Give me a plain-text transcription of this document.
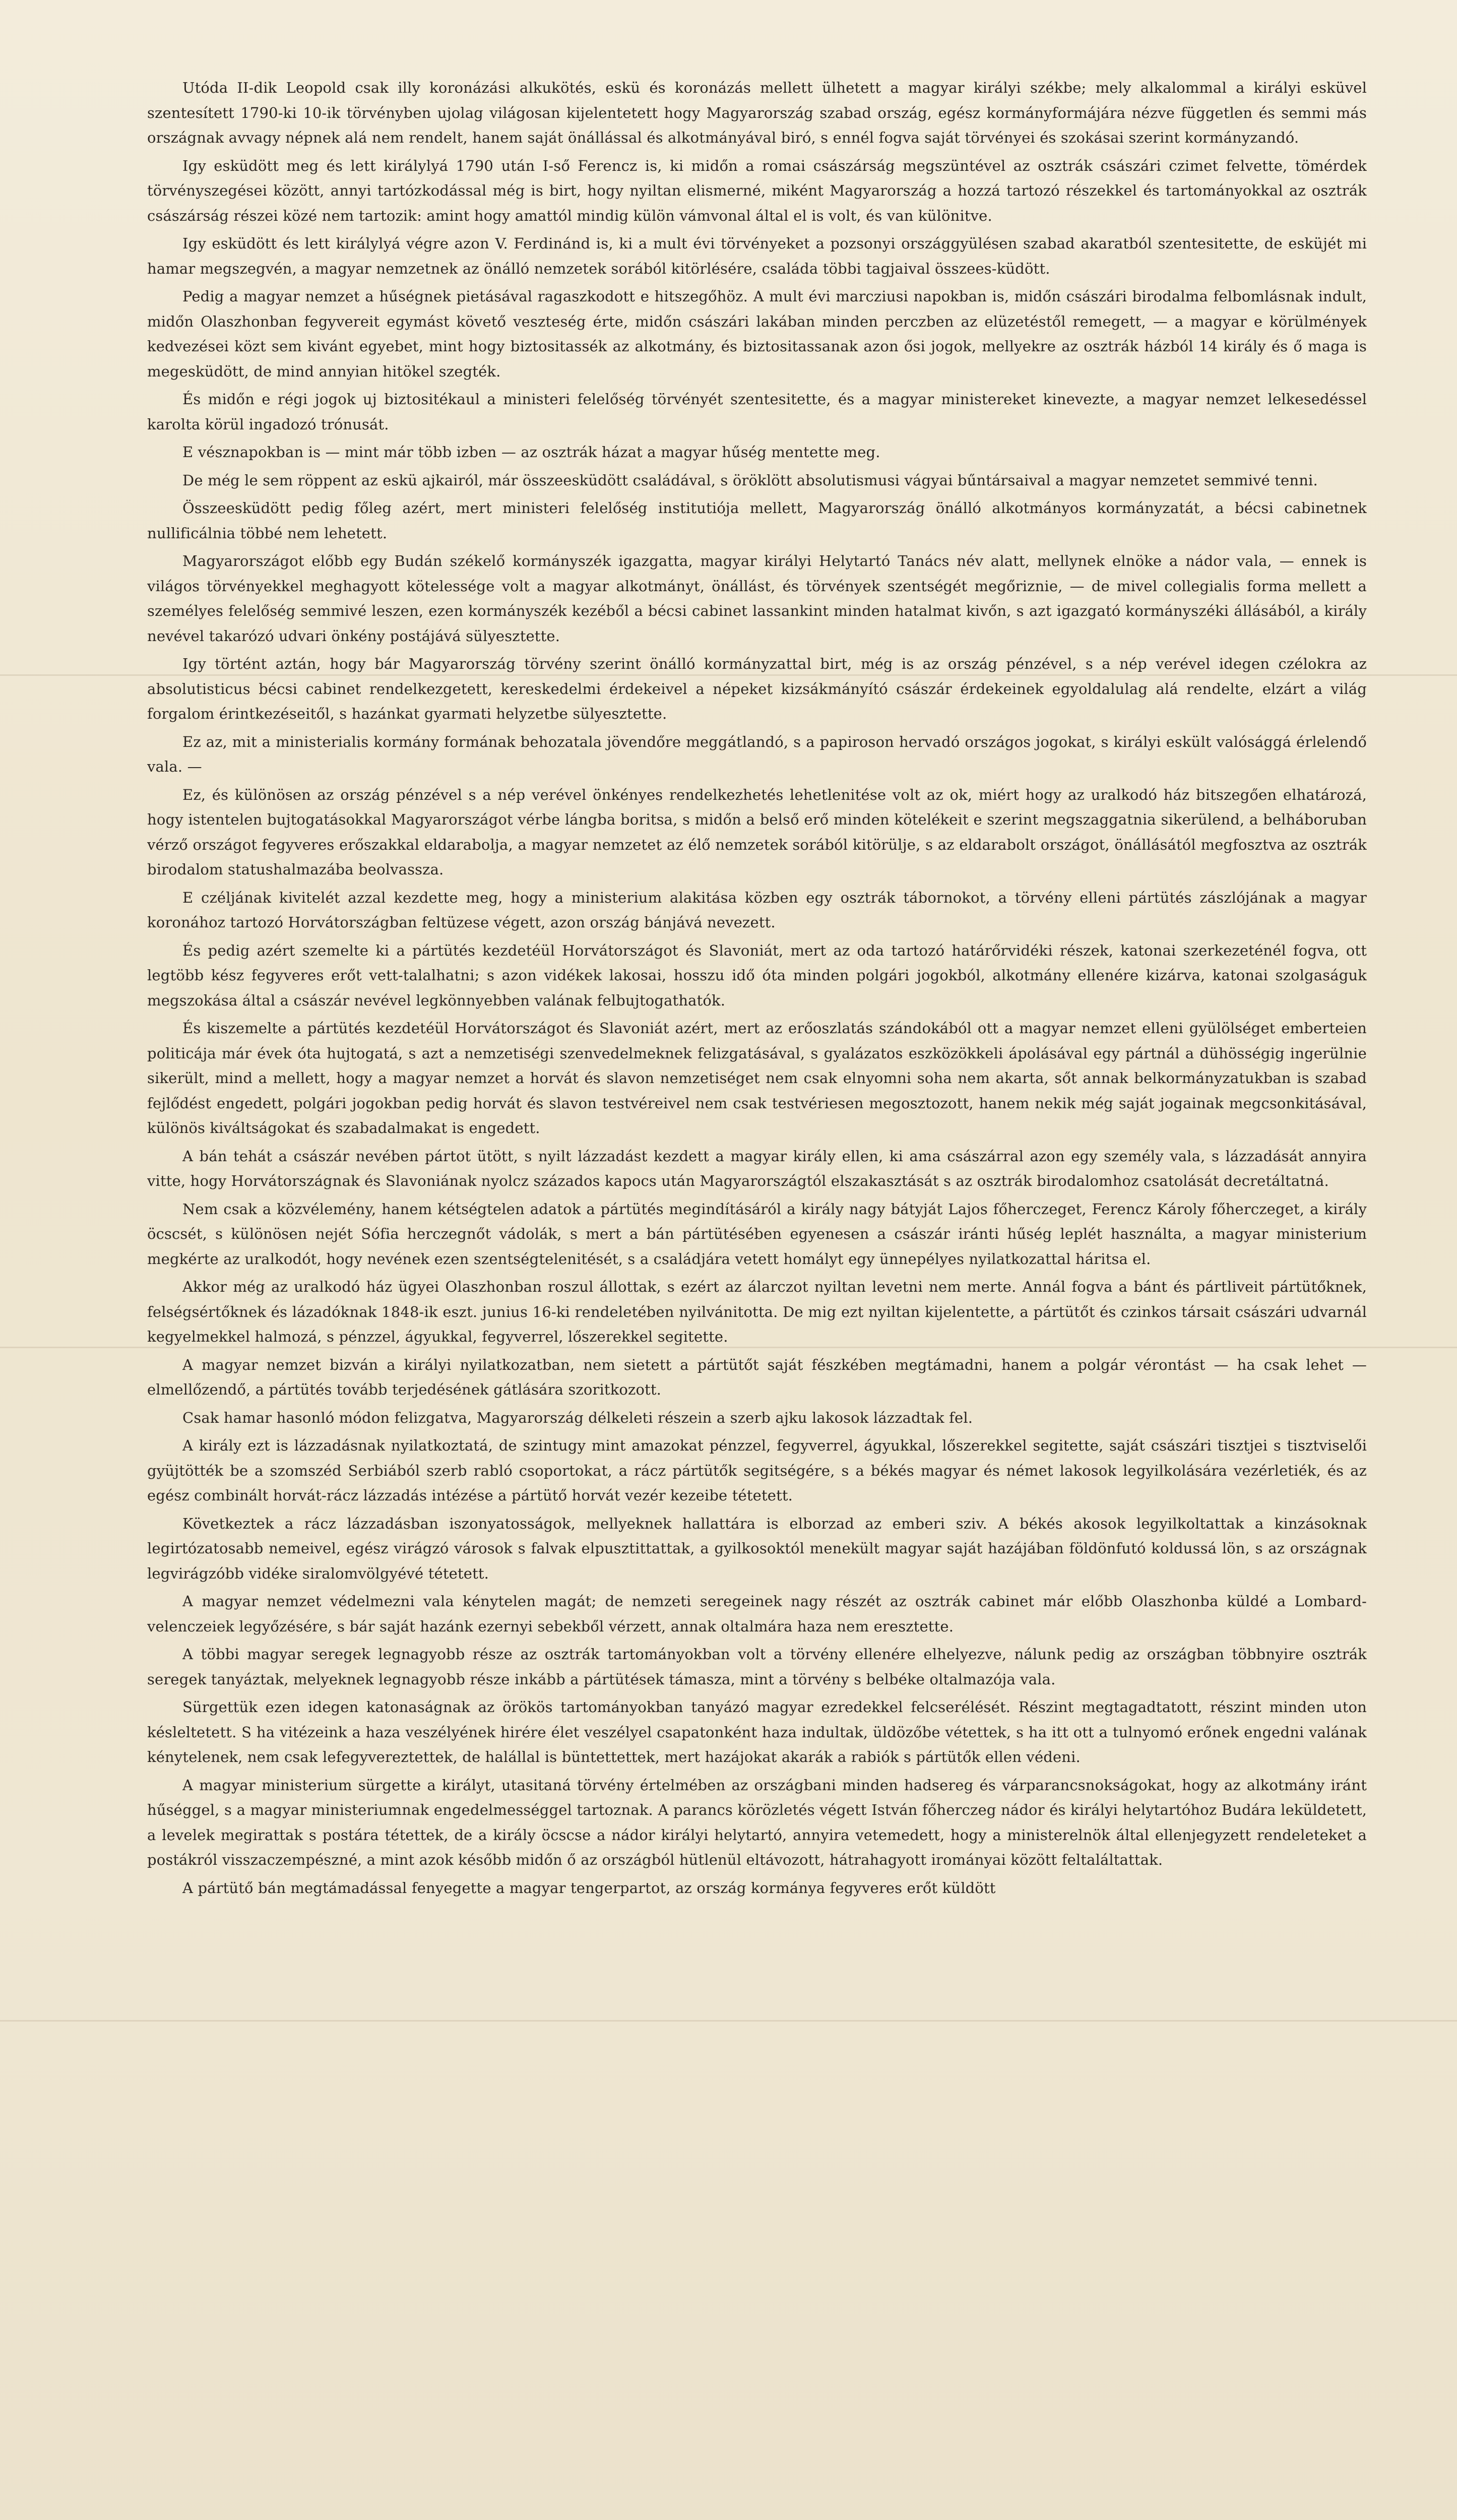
Utóda II-dik Leopold csak illy koronázási alkukötés, eskü és koronázás mellett ülhetett a magyar királyi székbe; mely alkalommal a királyi esküvel szentesített 1790-ki 10-ik törvényben ujolag világosan kijelentetett hogy Magyarország szabad ország, egész kormányformájára nézve független és semmi más országnak avvagy népnek alá nem rendelt, hanem saját önállással és alkotmányával biró, s ennél fogva saját törvényei és szokásai szerint kormányzandó.

Igy esküdött meg és lett királylyá 1790 után I-ső Ferencz is, ki midőn a romai császárság megszüntével az osztrák császári czimet felvette, tömérdek törvényszegései között, annyi tartózkodással még is birt, hogy nyiltan elismerné, miként Magyarország a hozzá tartozó részekkel és tartományokkal az osztrák császárság részei közé nem tartozik: amint hogy amattól mindig külön vámvonal által el is volt, és van különitve.

Igy esküdött és lett királylyá végre azon V. Ferdinánd is, ki a mult évi törvényeket a pozsonyi országgyülésen szabad akaratból szentesitette, de esküjét mi hamar megszegvén, a magyar nemzetnek az önálló nemzetek sorából kitörlésére, családa többi tagjaival összees-küdött.

Pedig a magyar nemzet a hűségnek pietásával ragaszkodott e hitszegőhöz. A mult évi marcziusi napokban is, midőn császári birodalma felbomlásnak indult, midőn Olaszhonban fegyvereit egymást követő veszteség érte, midőn császári lakában minden perczben az elüzetéstől remegett, — a magyar e körülmények kedvezései közt sem kivánt egyebet, mint hogy biztositassék az alkotmány, és biztositassanak azon ősi jogok, mellyekre az osztrák házból 14 király és ő maga is megesküdött, de mind annyian hitökel szegték.

És midőn e régi jogok uj biztositékaul a ministeri felelőség törvényét szentesitette, és a magyar ministereket kinevezte, a magyar nemzet lelkesedéssel karolta körül ingadozó trónusát.

E vésznapokban is — mint már több izben — az osztrák házat a magyar hűség mentette meg.

De még le sem röppent az eskü ajkairól, már összeesküdött családával, s öröklött absolutismusi vágyai bűntársaival a magyar nemzetet semmivé tenni.

Összeesküdött pedig főleg azért, mert ministeri felelőség institutiója mellett, Magyarország önálló alkotmányos kormányzatát, a bécsi cabinetnek nullificálnia többé nem lehetett.

Magyarországot előbb egy Budán székelő kormányszék igazgatta, magyar királyi Helytartó Tanács név alatt, mellynek elnöke a nádor vala, — ennek is világos törvényekkel meghagyott kötelessége volt a magyar alkotmányt, önállást, és törvények szentségét megőriznie, — de mivel collegialis forma mellett a személyes felelőség semmivé leszen, ezen kormányszék kezéből a bécsi cabinet lassankint minden hatalmat kivőn, s azt igazgató kormányszéki állásából, a király nevével takarózó udvari önkény postájává sülyesztette.

Igy történt aztán, hogy bár Magyarország törvény szerint önálló kormányzattal birt, még is az ország pénzével, s a nép verével idegen czélokra az absolutisticus bécsi cabinet rendelkezgetett, kereskedelmi érdekeivel a népeket kizsákmányító császár érdekeinek egyoldalulag alá rendelte, elzárt a világ forgalom érintkezéseitől, s hazánkat gyarmati helyzetbe sülyesztette.

Ez az, mit a ministerialis kormány formának behozatala jövendőre meggátlandó, s a papiroson hervadó országos jogokat, s királyi eskült valósággá érlelendő vala. —

Ez, és különösen az ország pénzével s a nép verével önkényes rendelkezhetés lehetlenitése volt az ok, miért hogy az uralkodó ház bitszegően elhatározá, hogy istentelen bujtogatásokkal Magyarországot vérbe lángba boritsa, s midőn a belső erő minden kötelékeit e szerint megszaggatnia sikerülend, a belháboruban vérző országot fegyveres erőszakkal eldarabolja, a magyar nemzetet az élő nemzetek sorából kitörülje, s az eldarabolt országot, önállásától megfosztva az osztrák birodalom statushalmazába beolvassza.

E czéljának kivitelét azzal kezdette meg, hogy a ministerium alakitása közben egy osztrák tábornokot, a törvény elleni pártütés zászlójának a magyar koronához tartozó Horvátországban feltüzese végett, azon ország bánjává nevezett.

És pedig azért szemelte ki a pártütés kezdetéül Horvátországot és Slavoniát, mert az oda tartozó határőrvidéki részek, katonai szerkezeténél fogva, ott legtöbb kész fegyveres erőt vett-talalhatni; s azon vidékek lakosai, hosszu idő óta minden polgári jogokból, alkotmány ellenére kizárva, katonai szolgaságuk megszokása által a császár nevével legkönnyebben valának felbujtogathatók.

És kiszemelte a pártütés kezdetéül Horvátországot és Slavoniát azért, mert az erőoszlatás szándokából ott a magyar nemzet elleni gyülölséget emberteien politicája már évek óta hujtogatá, s azt a nemzetiségi szenvedelmeknek felizgatásával, s gyalázatos eszközökkeli ápolásával egy pártnál a dühösségig ingerülnie sikerült, mind a mellett, hogy a magyar nemzet a horvát és slavon nemzetiséget nem csak elnyomni soha nem akarta, sőt annak belkormányzatukban is szabad fejlődést engedett, polgári jogokban pedig horvát és slavon testvéreivel nem csak testvériesen megosztozott, hanem nekik még saját jogainak megcsonkitásával, különös kiváltságokat és szabadalmakat is engedett.

A bán tehát a császár nevében pártot ütött, s nyilt lázzadást kezdett a magyar király ellen, ki ama császárral azon egy személy vala, s lázzadását annyira vitte, hogy Horvátországnak és Slavoniának nyolcz százados kapocs után Magyarországtól elszakasztását s az osztrák birodalomhoz csatolását decretáltatná.

Nem csak a közvélemény, hanem kétségtelen adatok a pártütés megindításáról a király nagy bátyját Lajos főherczeget, Ferencz Károly főherczeget, a király öcscsét, s különösen nejét Sófia herczegnőt vádolák, s mert a bán pártütésében egyenesen a császár iránti hűség leplét használta, a magyar ministerium megkérte az uralkodót, hogy nevének ezen szentségtelenitését, s a családjára vetett homályt egy ünnepélyes nyilatkozattal háritsa el.

Akkor még az uralkodó ház ügyei Olaszhonban roszul állottak, s ezért az álarczot nyiltan levetni nem merte. Annál fogva a bánt és pártliveit pártütőknek, felségsértőknek és lázadóknak 1848-ik eszt. junius 16-ki rendeletében nyilvánitotta. De mig ezt nyiltan kijelentette, a pártütőt és czinkos társait császári udvarnál kegyelmekkel halmozá, s pénzzel, ágyukkal, fegyverrel, lőszerekkel segitette.

A magyar nemzet bizván a királyi nyilatkozatban, nem sietett a pártütőt saját fészkében megtámadni, hanem a polgár vérontást — ha csak lehet — elmellőzendő, a pártütés tovább terjedésének gátlására szoritkozott.

Csak hamar hasonló módon felizgatva, Magyarország délkeleti részein a szerb ajku lakosok lázzadtak fel.

A király ezt is lázzadásnak nyilatkoztatá, de szintugy mint amazokat pénzzel, fegyverrel, ágyukkal, lőszerekkel segitette, saját császári tisztjei s tisztviselői gyüjtötték be a szomszéd Serbiából szerb rabló csoportokat, a rácz pártütők segitségére, s a békés magyar és német lakosok legyilkolására vezérletiék, és az egész combinált horvát-rácz lázzadás intézése a pártütő horvát vezér kezeibe tétetett.

Következtek a rácz lázzadásban iszonyatosságok, mellyeknek hallattára is elborzad az emberi sziv. A békés akosok legyilkoltattak a kinzásoknak legirtózatosabb nemeivel, egész virágzó városok s falvak elpusztittattak, a gyilkosoktól menekült magyar saját hazájában földönfutó koldussá lön, s az országnak legvirágzóbb vidéke siralomvölgyévé tétetett.

A magyar nemzet védelmezni vala kénytelen magát; de nemzeti seregeinek nagy részét az osztrák cabinet már előbb Olaszhonba küldé a Lombard-velenczeiek legyőzésére, s bár saját hazánk ezernyi sebekből vérzett, annak oltalmára haza nem eresztette.

A többi magyar seregek legnagyobb része az osztrák tartományokban volt a törvény ellenére elhelyezve, nálunk pedig az országban többnyire osztrák seregek tanyáztak, melyeknek legnagyobb része inkább a pártütések támasza, mint a törvény s belbéke oltalmazója vala.

Sürgettük ezen idegen katonaságnak az örökös tartományokban tanyázó magyar ezredekkel felcserélését. Részint megtagadtatott, részint minden uton késleltetett. S ha vitézeink a haza veszélyének hirére élet veszélyel csapatonként haza indultak, üldözőbe vétettek, s ha itt ott a tulnyomó erőnek engedni valának kénytelenek, nem csak lefegyvereztettek, de halállal is büntettettek, mert hazájokat akarák a rabiók s pártütők ellen védeni.

A magyar ministerium sürgette a királyt, utasitaná törvény értelmében az országbani minden hadsereg és várparancsnokságokat, hogy az alkotmány iránt hűséggel, s a magyar ministeriumnak engedelmességgel tartoznak. A parancs körözletés végett István főherczeg nádor és királyi helytartóhoz Budára leküldetett, a levelek megirattak s postára tétettek, de a király öcscse a nádor királyi helytartó, annyira vetemedett, hogy a ministerelnök által ellenjegyzett rendeleteket a postákról visszaczempészné, a mint azok később midőn ő az országból hütlenül eltávozott, hátrahagyott irományai között feltaláltattak.

A pártütő bán megtámadással fenyegette a magyar tengerpartot, az ország kormánya fegyveres erőt küldött
